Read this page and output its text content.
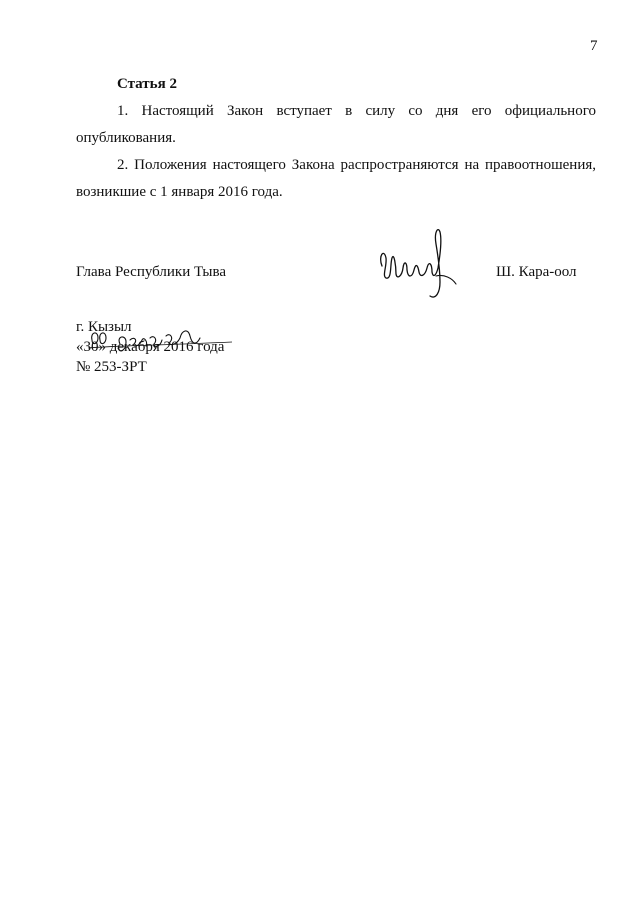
7
Статья 2
1. Настоящий Закон вступает в силу со дня его официального
опубликования.
2. Положения настоящего Закона распространяются на правоотношения,
возникшие с 1 января 2016 года.
Глава Республики Тыва	Ш. Кара-оол
г. Кызыл
«30» декабря 2016 года
№ 253-ЗРТ
